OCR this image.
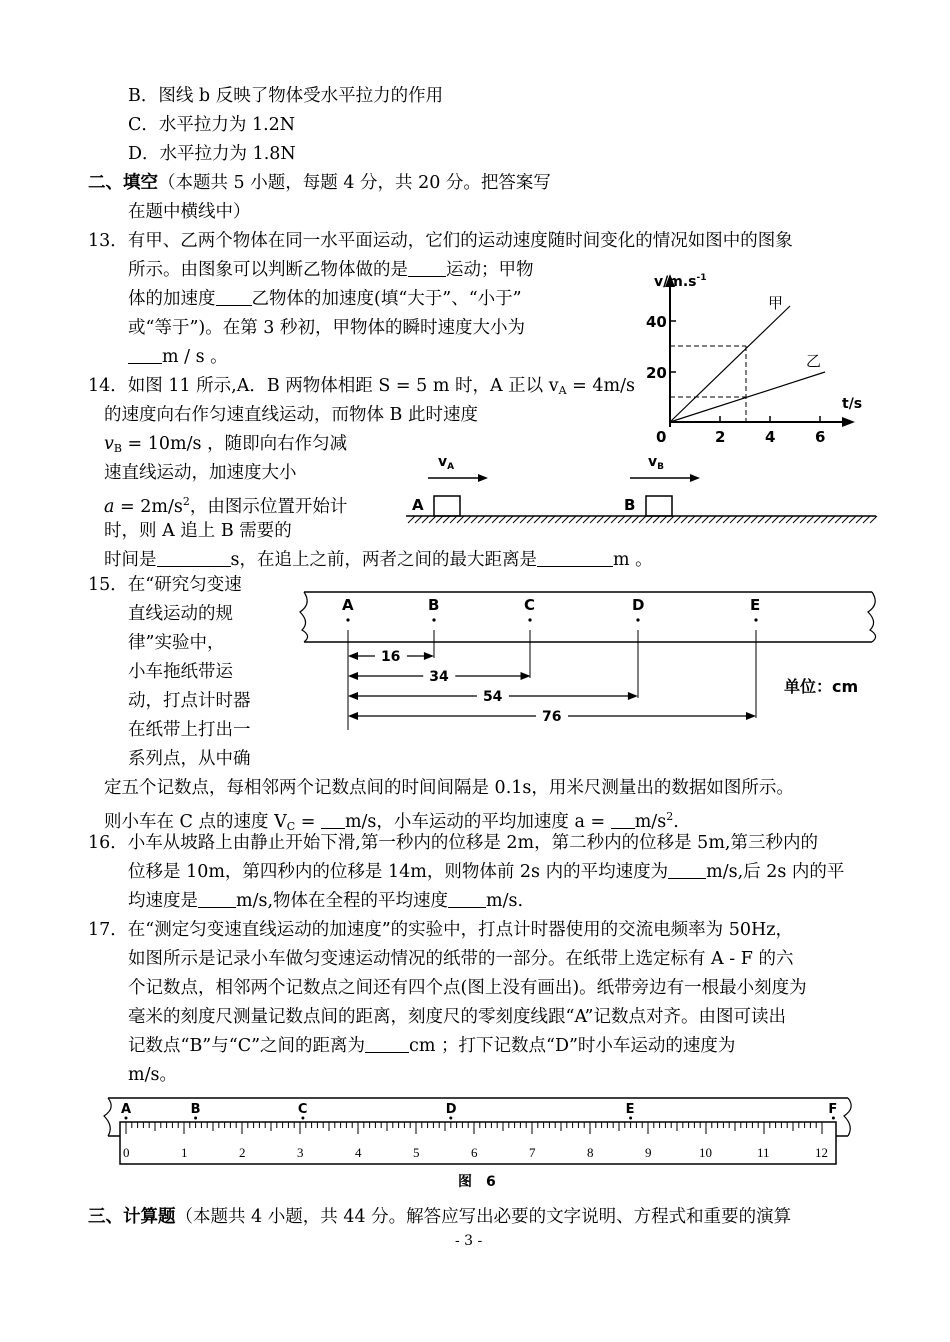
B．图线 b 反映了物体受水平拉力的作用
C．水平拉力为 1.2N
D．水平拉力为 1.8N
二、填空（本题共 5 小题，每题 4 分，共 20 分。把答案写
在题中横线中）
13．有甲、乙两个物体在同一水平面运动，它们的运动速度随时间变化的情况如图中的图象
所示。由图象可以判断乙物体做的是 运动；甲物
体的加速度 乙物体的加速度(填“大于”、“小于”
或“等于”)。在第 3 秒初，甲物体的瞬时速度大小为
m / s 。
$v/m.s^{-1}$
t/s
0
20
40
2	4	6
甲
乙
14．如图 11 所示,A．B 两物体相距 S = 5 m 时，A 正以 $v_A = 4m/s$
的速度向右作匀速直线运动，而物体 B 此时速度
$v_B = 10m/s$ ，随即向右作匀减
速直线运动，加速度大小
$a = 2m/s^2$，由图示位置开始计
时，则 A 追上 B 需要的
时间是	s，在追上之前，两者之间的最大距离是	m 。
$v_A$	$v_B$
A	B
15．在“研究匀变速
直线运动的规
律”实验中，
小车拖纸带运
动，打点计时器
在纸带上打出一
系列点，从中确
定五个记数点，每相邻两个记数点间的时间间隔是 0.1s，用米尺测量出的数据如图所示。
则小车在 C 点的速度 $V_C = m/s$，小车运动的平均加速度 $a = m/s^2$.
A	B	C	D	E
16
34
54
76
单位：cm
16．小车从坡路上由静止开始下滑,第一秒内的位移是 2m，第二秒内的位移是 5m,第三秒内的
位移是 10m，第四秒内的位移是 14m，则物体前 2s 内的平均速度为 m/s,后 2s 内的平
均速度是 m/s,物体在全程的平均速度 m/s.
17．在“测定匀变速直线运动的加速度”的实验中，打点计时器使用的交流电频率为 50Hz，
如图所示是记录小车做匀变速运动情况的纸带的一部分。在纸带上选定标有 A - F 的六
个记数点，相邻两个记数点之间还有四个点(图上没有画出)。纸带旁边有一根最小刻度为
毫米的刻度尺测量记数点间的距离，刻度尺的零刻度线跟“A”记数点对齐。由图可读出
记数点“B”与“C”之间的距离为	cm ；打下记数点“D”时小车运动的速度为
m/s。
0	1	2	3	4	5	6	7	8	9	10	11	12
A	B	C	D	E	F
图　6
三、计算题（本题共 4 小题，共 44 分。解答应写出必要的文字说明、方程式和重要的演算
- 3 -
